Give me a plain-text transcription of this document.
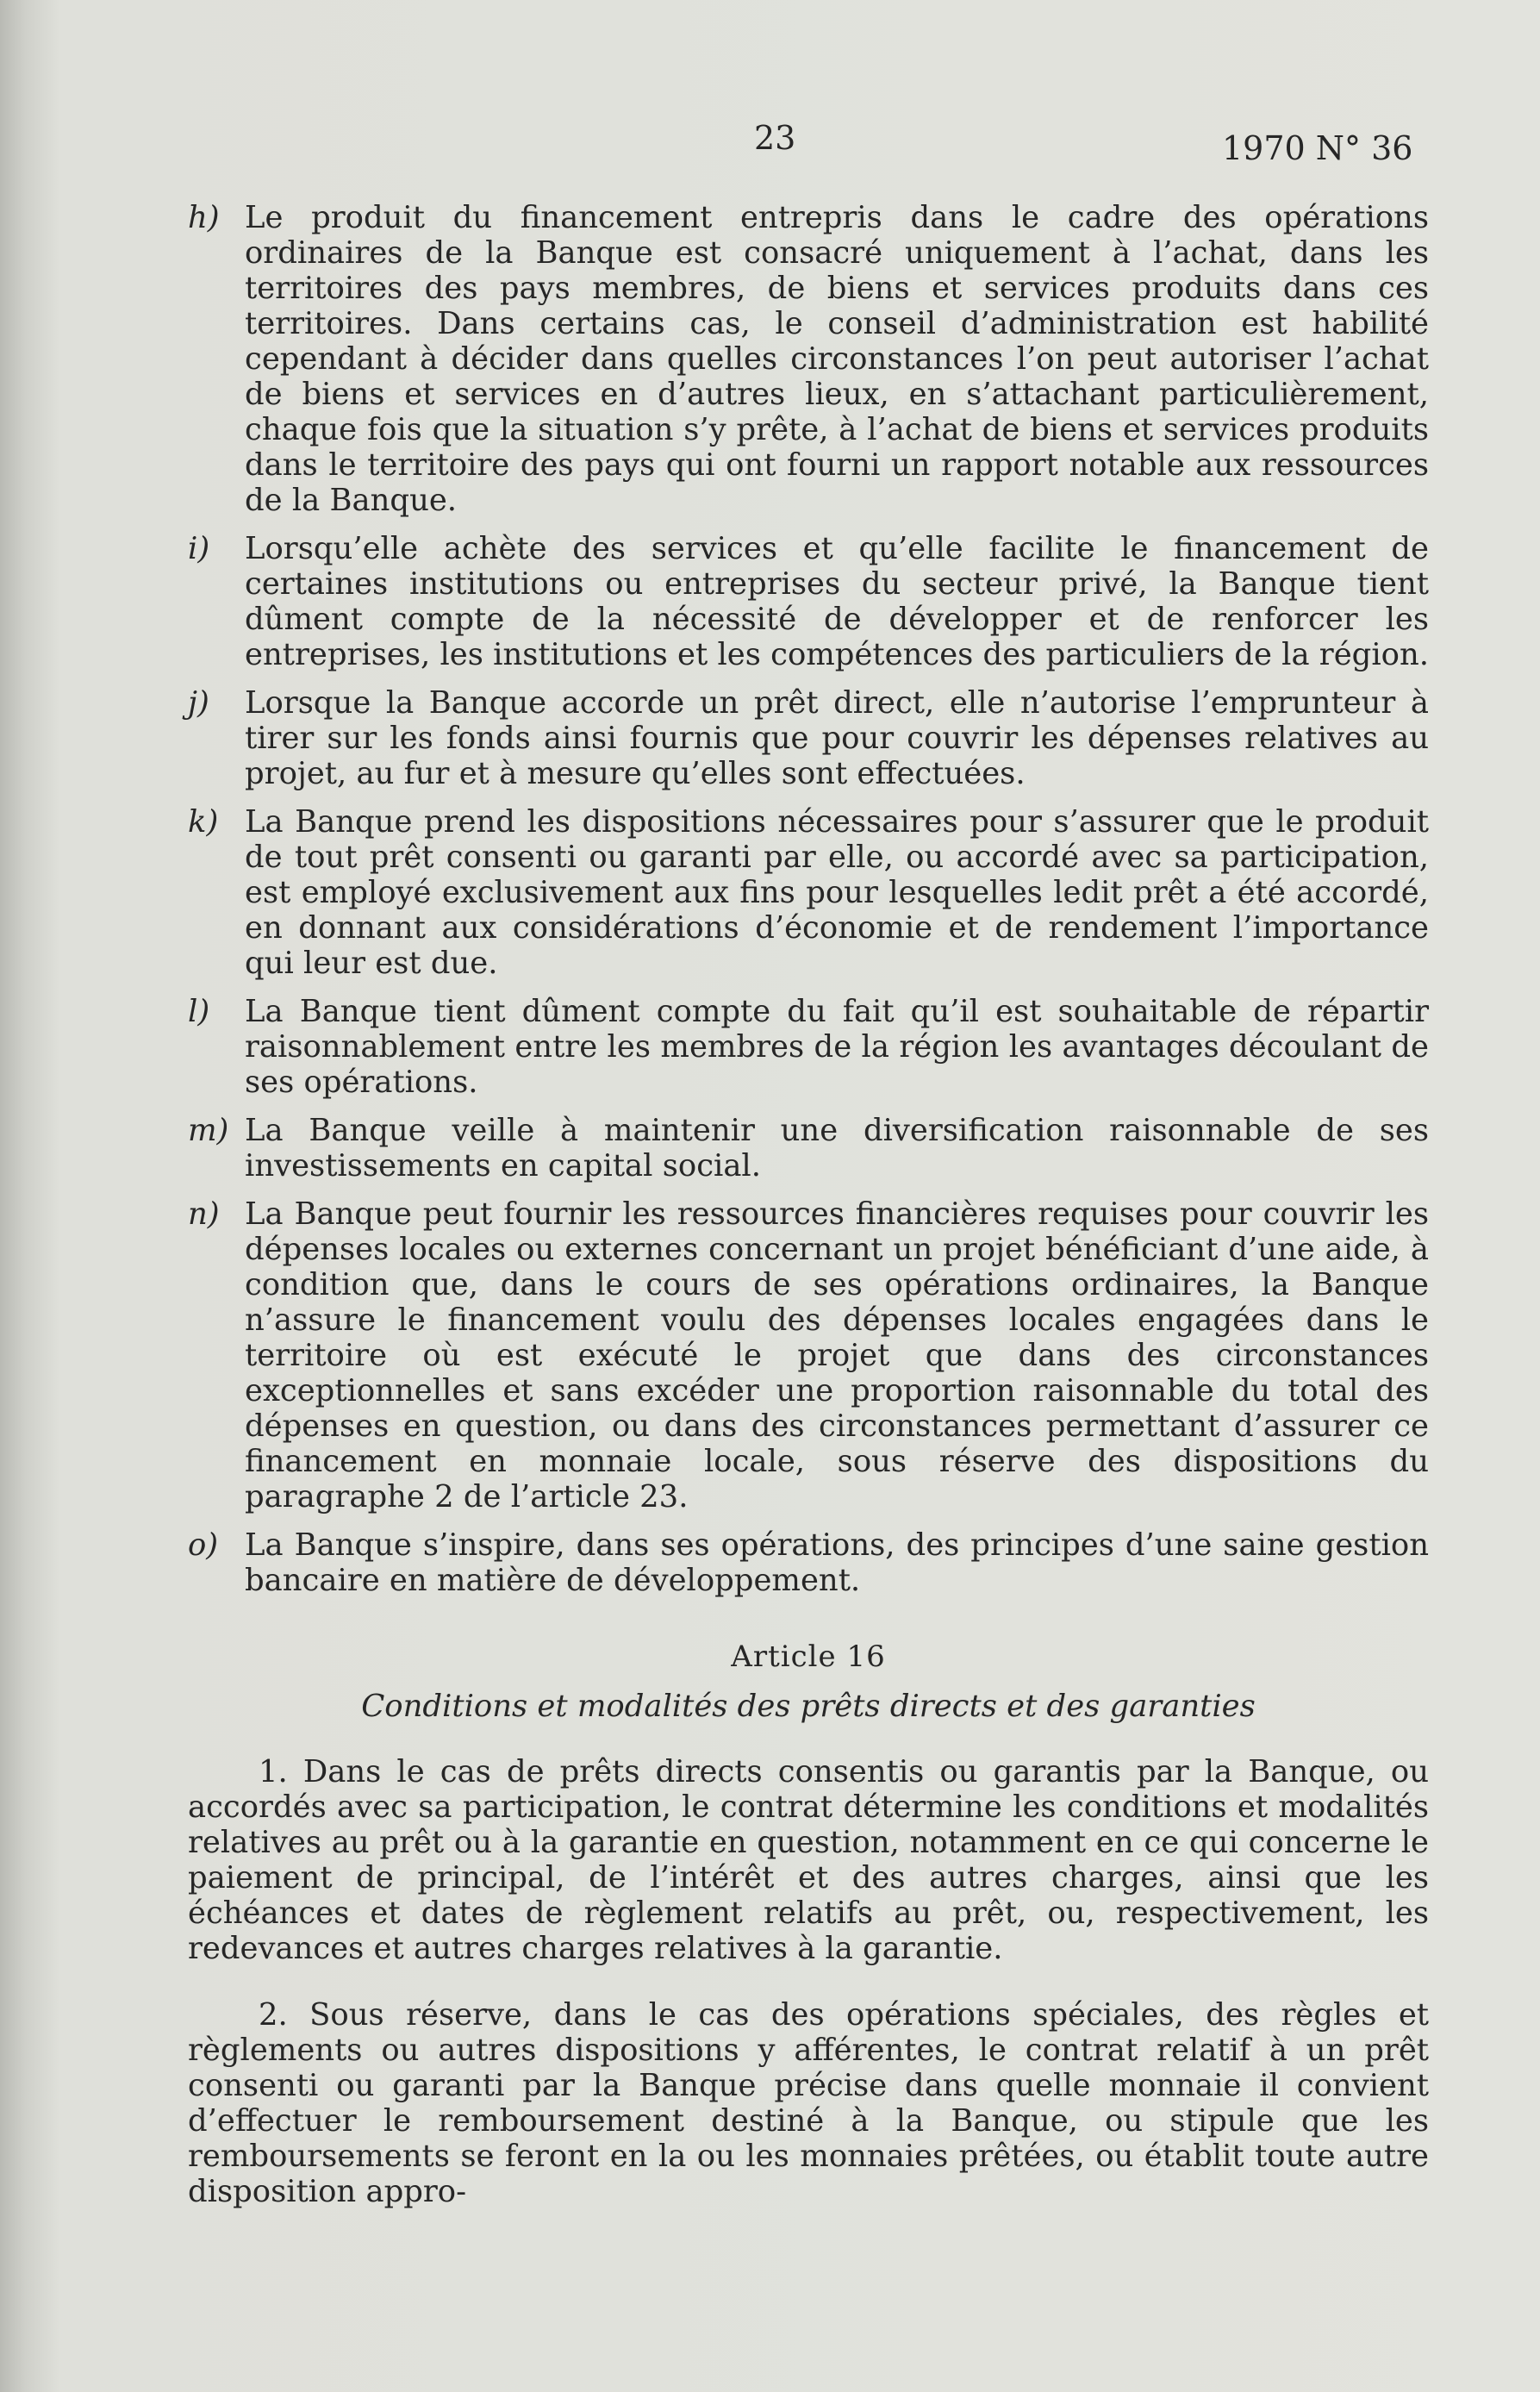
23	1970 N° 36
h) Le produit du financement entrepris dans le cadre des opérations ordinaires de la Banque est consacré uniquement à l’achat, dans les territoires des pays membres, de biens et services produits dans ces territoires. Dans certains cas, le conseil d’administration est habilité cependant à décider dans quelles circonstances l’on peut autoriser l’achat de biens et services en d’autres lieux, en s’attachant particulièrement, chaque fois que la situation s’y prête, à l’achat de biens et services produits dans le territoire des pays qui ont fourni un rapport notable aux ressources de la Banque.
i) Lorsqu’elle achète des services et qu’elle facilite le financement de certaines institutions ou entreprises du secteur privé, la Banque tient dûment compte de la nécessité de développer et de renforcer les entreprises, les institutions et les compétences des particuliers de la région.
j) Lorsque la Banque accorde un prêt direct, elle n’autorise l’emprunteur à tirer sur les fonds ainsi fournis que pour couvrir les dépenses relatives au projet, au fur et à mesure qu’elles sont effectuées.
k) La Banque prend les dispositions nécessaires pour s’assurer que le produit de tout prêt consenti ou garanti par elle, ou accordé avec sa participation, est employé exclusivement aux fins pour lesquelles ledit prêt a été accordé, en donnant aux considérations d’économie et de rendement l’importance qui leur est due.
l) La Banque tient dûment compte du fait qu’il est souhaitable de répartir raisonnablement entre les membres de la région les avantages découlant de ses opérations.
m) La Banque veille à maintenir une diversification raisonnable de ses investissements en capital social.
n) La Banque peut fournir les ressources financières requises pour couvrir les dépenses locales ou externes concernant un projet bénéficiant d’une aide, à condition que, dans le cours de ses opérations ordinaires, la Banque n’assure le financement voulu des dépenses locales engagées dans le territoire où est exécuté le projet que dans des circonstances exceptionnelles et sans excéder une proportion raisonnable du total des dépenses en question, ou dans des circonstances permettant d’assurer ce financement en monnaie locale, sous réserve des dispositions du paragraphe 2 de l’article 23.
o) La Banque s’inspire, dans ses opérations, des principes d’une saine gestion bancaire en matière de développement.
Article 16
Conditions et modalités des prêts directs et des garanties

1. Dans le cas de prêts directs consentis ou garantis par la Banque, ou accordés avec sa participation, le contrat détermine les conditions et modalités relatives au prêt ou à la garantie en question, notamment en ce qui concerne le paiement de principal, de l’intérêt et des autres charges, ainsi que les échéances et dates de règlement relatifs au prêt, ou, respectivement, les redevances et autres charges relatives à la garantie.

2. Sous réserve, dans le cas des opérations spéciales, des règles et règlements ou autres dispositions y afférentes, le contrat relatif à un prêt consenti ou garanti par la Banque précise dans quelle monnaie il convient d’effectuer le remboursement destiné à la Banque, ou stipule que les remboursements se feront en la ou les monnaies prêtées, ou établit toute autre disposition appro-
